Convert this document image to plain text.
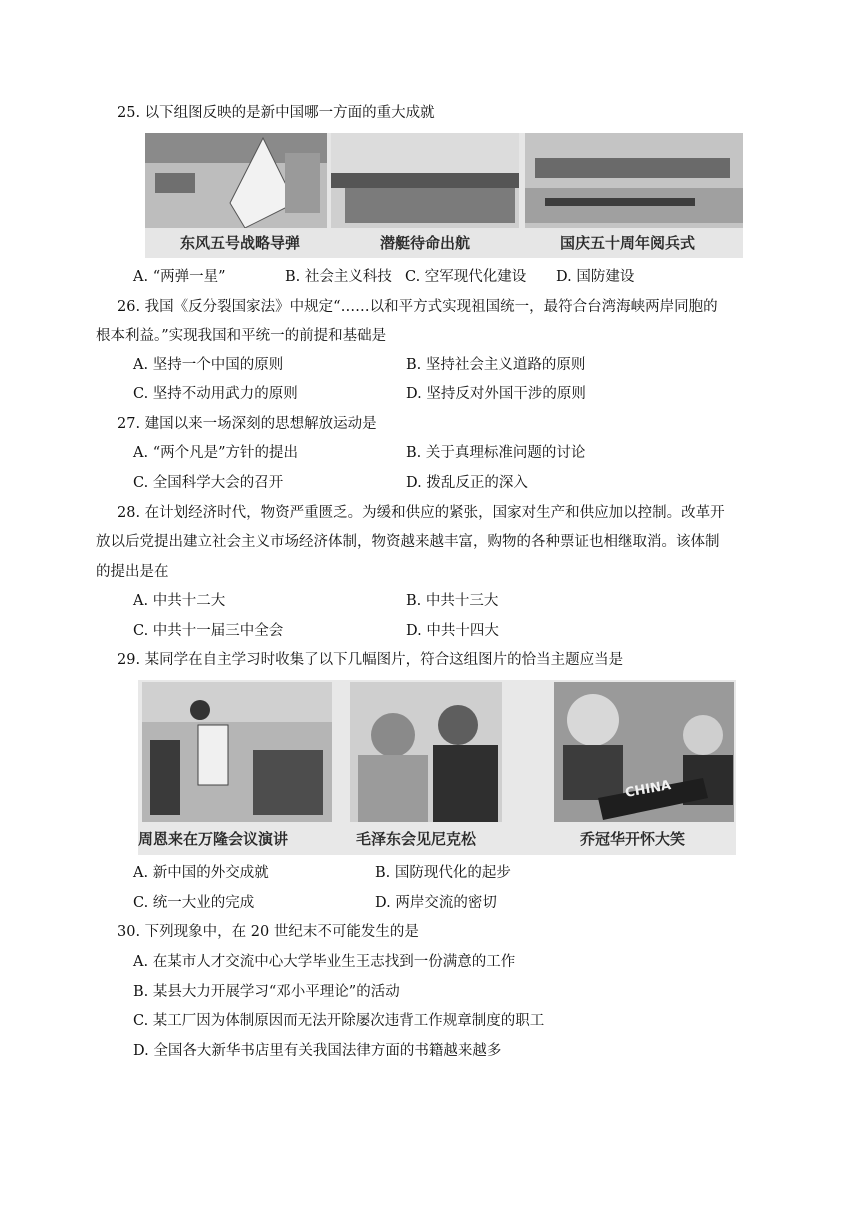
25. 以下组图反映的是新中国哪一方面的重大成就
东风五号战略导弹	潜艇待命出航	国庆五十周年阅兵式
A. “两弹一星”	B. 社会主义科技 C. 空军现代化建设 D. 国防建设
26. 我国《反分裂国家法》中规定“……以和平方式实现祖国统一，最符合台湾海峡两岸同胞的
根本利益。”实现我国和平统一的前提和基础是
A. 坚持一个中国的原则	B. 坚持社会主义道路的原则
C. 坚持不动用武力的原则	D. 坚持反对外国干涉的原则
27. 建国以来一场深刻的思想解放运动是
A. “两个凡是”方针的提出	B. 关于真理标准问题的讨论
C. 全国科学大会的召开	D. 拨乱反正的深入
28. 在计划经济时代，物资严重匮乏。为缓和供应的紧张，国家对生产和供应加以控制。改革开
放以后党提出建立社会主义市场经济体制，物资越来越丰富，购物的各种票证也相继取消。该体制
的提出是在
A. 中共十二大	B. 中共十三大
C. 中共十一届三中全会	D. 中共十四大
29. 某同学在自主学习时收集了以下几幅图片，符合这组图片的恰当主题应当是
CHINA
周恩来在万隆会议演讲	毛泽东会见尼克松	乔冠华开怀大笑
A. 新中国的外交成就	B. 国防现代化的起步
C. 统一大业的完成	D. 两岸交流的密切
30. 下列现象中，在 20 世纪末不可能发生的是
A. 在某市人才交流中心大学毕业生王志找到一份满意的工作
B. 某县大力开展学习“邓小平理论”的活动
C. 某工厂因为体制原因而无法开除屡次违背工作规章制度的职工
D. 全国各大新华书店里有关我国法律方面的书籍越来越多
